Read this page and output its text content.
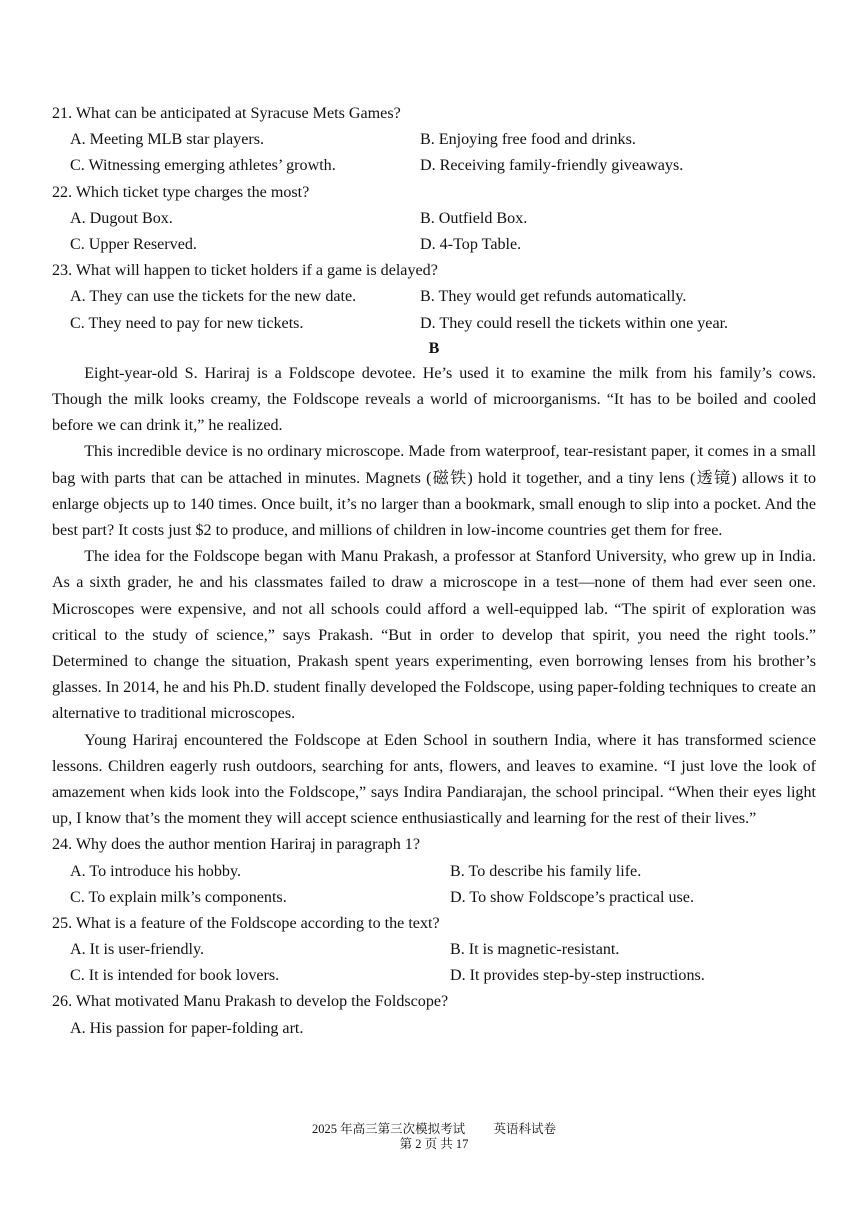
21. What can be anticipated at Syracuse Mets Games?
A. Meeting MLB star players.	B. Enjoying free food and drinks.
C. Witnessing emerging athletes’ growth.	D. Receiving family-friendly giveaways.
22. Which ticket type charges the most?
A. Dugout Box.	B. Outfield Box.
C. Upper Reserved.	D. 4-Top Table.
23. What will happen to ticket holders if a game is delayed?
A. They can use the tickets for the new date.	B. They would get refunds automatically.
C. They need to pay for new tickets.	D. They could resell the tickets within one year.
B

Eight-year-old S. Hariraj is a Foldscope devotee. He’s used it to examine the milk from his family’s cows. Though the milk looks creamy, the Foldscope reveals a world of microorganisms. “It has to be boiled and cooled before we can drink it,” he realized.

This incredible device is no ordinary microscope. Made from waterproof, tear-resistant paper, it comes in a small bag with parts that can be attached in minutes. Magnets (磁铁) hold it together, and a tiny lens (透镜) allows it to enlarge objects up to 140 times. Once built, it’s no larger than a bookmark, small enough to slip into a pocket. And the best part? It costs just $2 to produce, and millions of children in low-income countries get them for free.

The idea for the Foldscope began with Manu Prakash, a professor at Stanford University, who grew up in India. As a sixth grader, he and his classmates failed to draw a microscope in a test—none of them had ever seen one. Microscopes were expensive, and not all schools could afford a well-equipped lab. “The spirit of exploration was critical to the study of science,” says Prakash. “But in order to develop that spirit, you need the right tools.” Determined to change the situation, Prakash spent years experimenting, even borrowing lenses from his brother’s glasses. In 2014, he and his Ph.D. student finally developed the Foldscope, using paper-folding techniques to create an alternative to traditional microscopes.

Young Hariraj encountered the Foldscope at Eden School in southern India, where it has transformed science lessons. Children eagerly rush outdoors, searching for ants, flowers, and leaves to examine. “I just love the look of amazement when kids look into the Foldscope,” says Indira Pandiarajan, the school principal. “When their eyes light up, I know that’s the moment they will accept science enthusiastically and learning for the rest of their lives.”

24. Why does the author mention Hariraj in paragraph 1?
A. To introduce his hobby.	B. To describe his family life.
C. To explain milk’s components.	D. To show Foldscope’s practical use.
25. What is a feature of the Foldscope according to the text?
A. It is user-friendly.	B. It is magnetic-resistant.
C. It is intended for book lovers.	D. It provides step-by-step instructions.
26. What motivated Manu Prakash to develop the Foldscope?
A. His passion for paper-folding art.
2025 年高三第三次模拟考试 英语科试卷
第 2 页 共 17
